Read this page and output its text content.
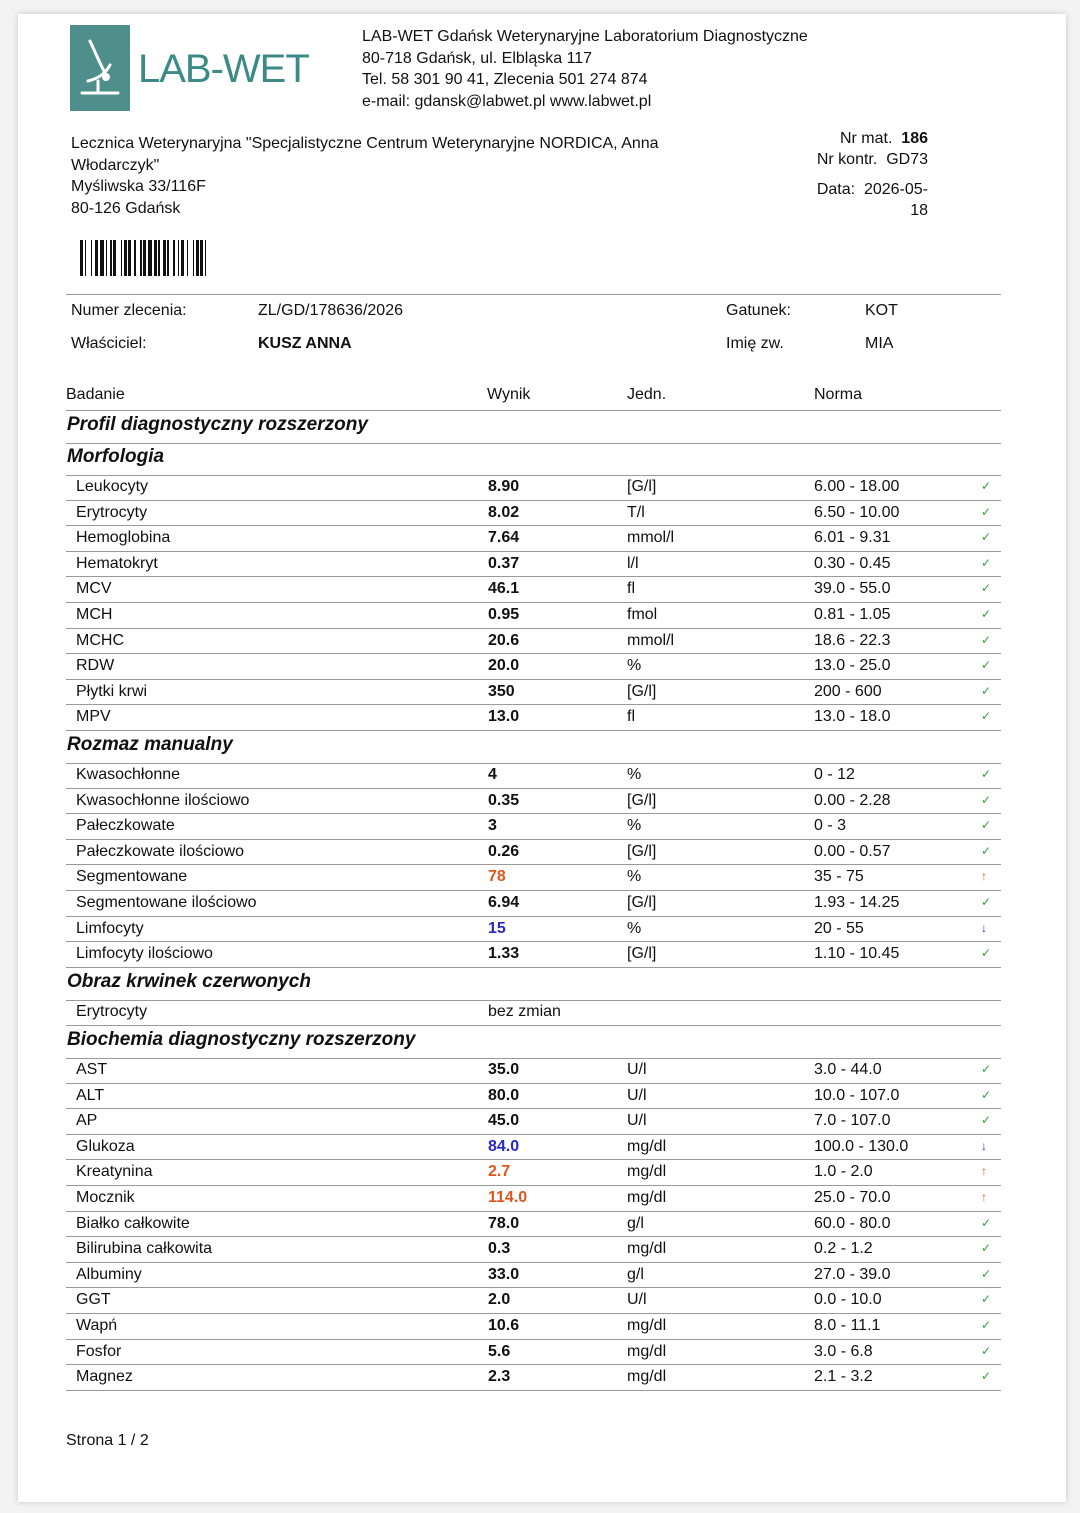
LAB-WET
LAB-WET Gdańsk Weterynaryjne Laboratorium Diagnostyczne
80-718 Gdańsk, ul. Elbląska 117
Tel. 58 301 90 41, Zlecenia 501 274 874
e-mail: gdansk@labwet.pl www.labwet.pl
Lecznica Weterynaryjna "Specjalistyczne Centrum Weterynaryjne NORDICA, Anna Włodarczyk"
Myśliwska 33/116F
80-126 Gdańsk
Nr mat. 186
Nr kontr. GD73
Data: 2026-05-
18
Numer zlecenia:	ZL/GD/178636/2026	Gatunek:	KOT
Właściciel:	KUSZ ANNA	Imię zw.	MIA
Badanie	Wynik	Jedn.	Norma
Profil diagnostyczny rozszerzony
Morfologia
Leukocyty	8.90	[G/l]	6.00 - 18.00	✓
Erytrocyty	8.02	T/l	6.50 - 10.00	✓
Hemoglobina	7.64	mmol/l	6.01 - 9.31	✓
Hematokryt	0.37	l/l	0.30 - 0.45	✓
MCV	46.1	fl	39.0 - 55.0	✓
MCH	0.95	fmol	0.81 - 1.05	✓
MCHC	20.6	mmol/l	18.6 - 22.3	✓
RDW	20.0	%	13.0 - 25.0	✓
Płytki krwi	350	[G/l]	200 - 600	✓
MPV	13.0	fl	13.0 - 18.0	✓
Rozmaz manualny
Kwasochłonne	4	%	0 - 12	✓
Kwasochłonne ilościowo	0.35	[G/l]	0.00 - 2.28	✓
Pałeczkowate	3	%	0 - 3	✓
Pałeczkowate ilościowo	0.26	[G/l]	0.00 - 0.57	✓
Segmentowane	78	%	35 - 75	↑
Segmentowane ilościowo	6.94	[G/l]	1.93 - 14.25	✓
Limfocyty	15	%	20 - 55	↓
Limfocyty ilościowo	1.33	[G/l]	1.10 - 10.45	✓
Obraz krwinek czerwonych
Erytrocyty	bez zmian
Biochemia diagnostyczny rozszerzony
AST	35.0	U/l	3.0 - 44.0	✓
ALT	80.0	U/l	10.0 - 107.0	✓
AP	45.0	U/l	7.0 - 107.0	✓
Glukoza	84.0	mg/dl	100.0 - 130.0	↓
Kreatynina	2.7	mg/dl	1.0 - 2.0	↑
Mocznik	114.0	mg/dl	25.0 - 70.0	↑
Białko całkowite	78.0	g/l	60.0 - 80.0	✓
Bilirubina całkowita	0.3	mg/dl	0.2 - 1.2	✓
Albuminy	33.0	g/l	27.0 - 39.0	✓
GGT	2.0	U/l	0.0 - 10.0	✓
Wapń	10.6	mg/dl	8.0 - 11.1	✓
Fosfor	5.6	mg/dl	3.0 - 6.8	✓
Magnez	2.3	mg/dl	2.1 - 3.2	✓
Strona 1 / 2
